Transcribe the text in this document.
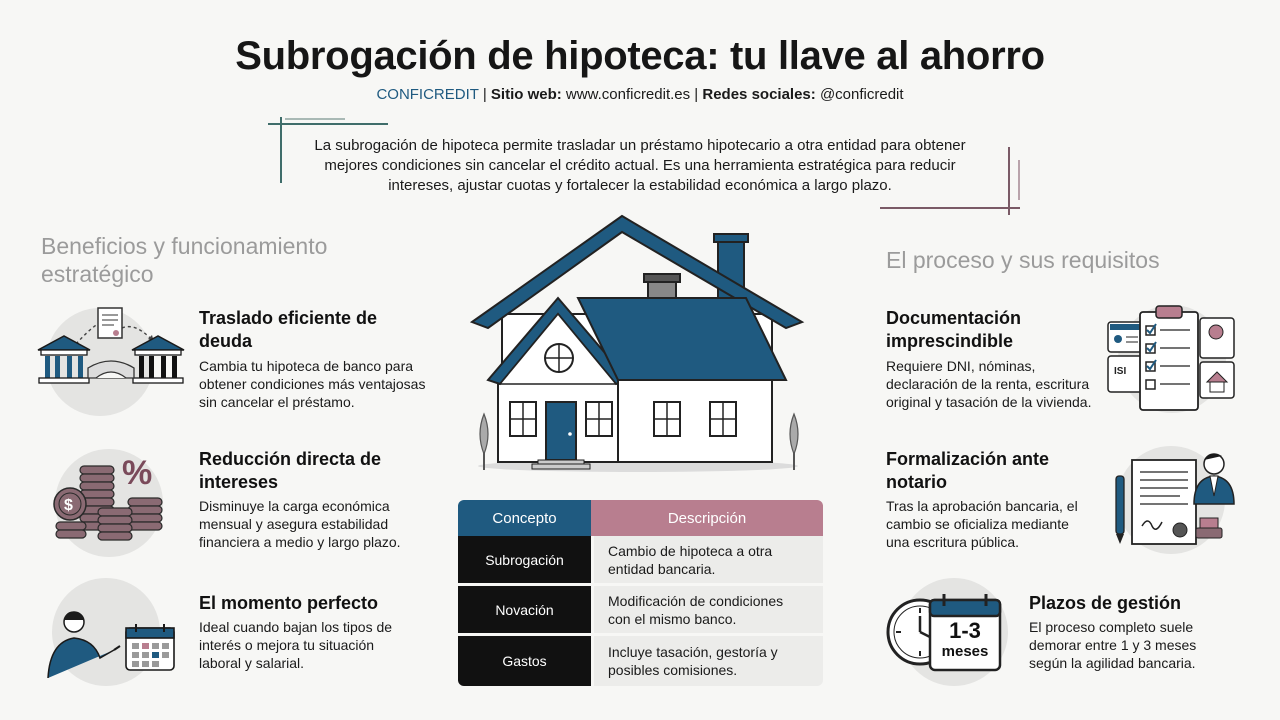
Subrogación de hipoteca: tu llave al ahorro
CONFICREDIT | Sitio web: www.conficredit.es | Redes sociales: @conficredit
La subrogación de hipoteca permite trasladar un préstamo hipotecario a otra entidad para obtener mejores condiciones sin cancelar el crédito actual. Es una herramienta estratégica para reducir intereses, ajustar cuotas y fortalecer la estabilidad económica a largo plazo.
Beneficios y funcionamiento
estratégico
Traslado eficiente de
deuda
Cambia tu hipoteca de banco para
obtener condiciones más ventajosas
sin cancelar el préstamo.
%
$
Reducción directa de
intereses
Disminuye la carga económica
mensual y asegura estabilidad
financiera a medio y largo plazo.
El momento perfecto
Ideal cuando bajan los tipos de
interés o mejora tu situación
laboral y salarial.
Concepto	Descripción
Subrogación	Cambio de hipoteca a otra
entidad bancaria.

Novación	Modificación de condiciones
con el mismo banco.

Gastos	Incluye tasación, gestoría y
posibles comisiones.
El proceso y sus requisitos
ISI
Documentación
imprescindible
Requiere DNI, nóminas,
declaración de la renta, escritura
original y tasación de la vivienda.
Formalización ante
notario
Tras la aprobación bancaria, el
cambio se oficializa mediante
una escritura pública.
1-3
meses
Plazos de gestión
El proceso completo suele
demorar entre 1 y 3 meses
según la agilidad bancaria.
